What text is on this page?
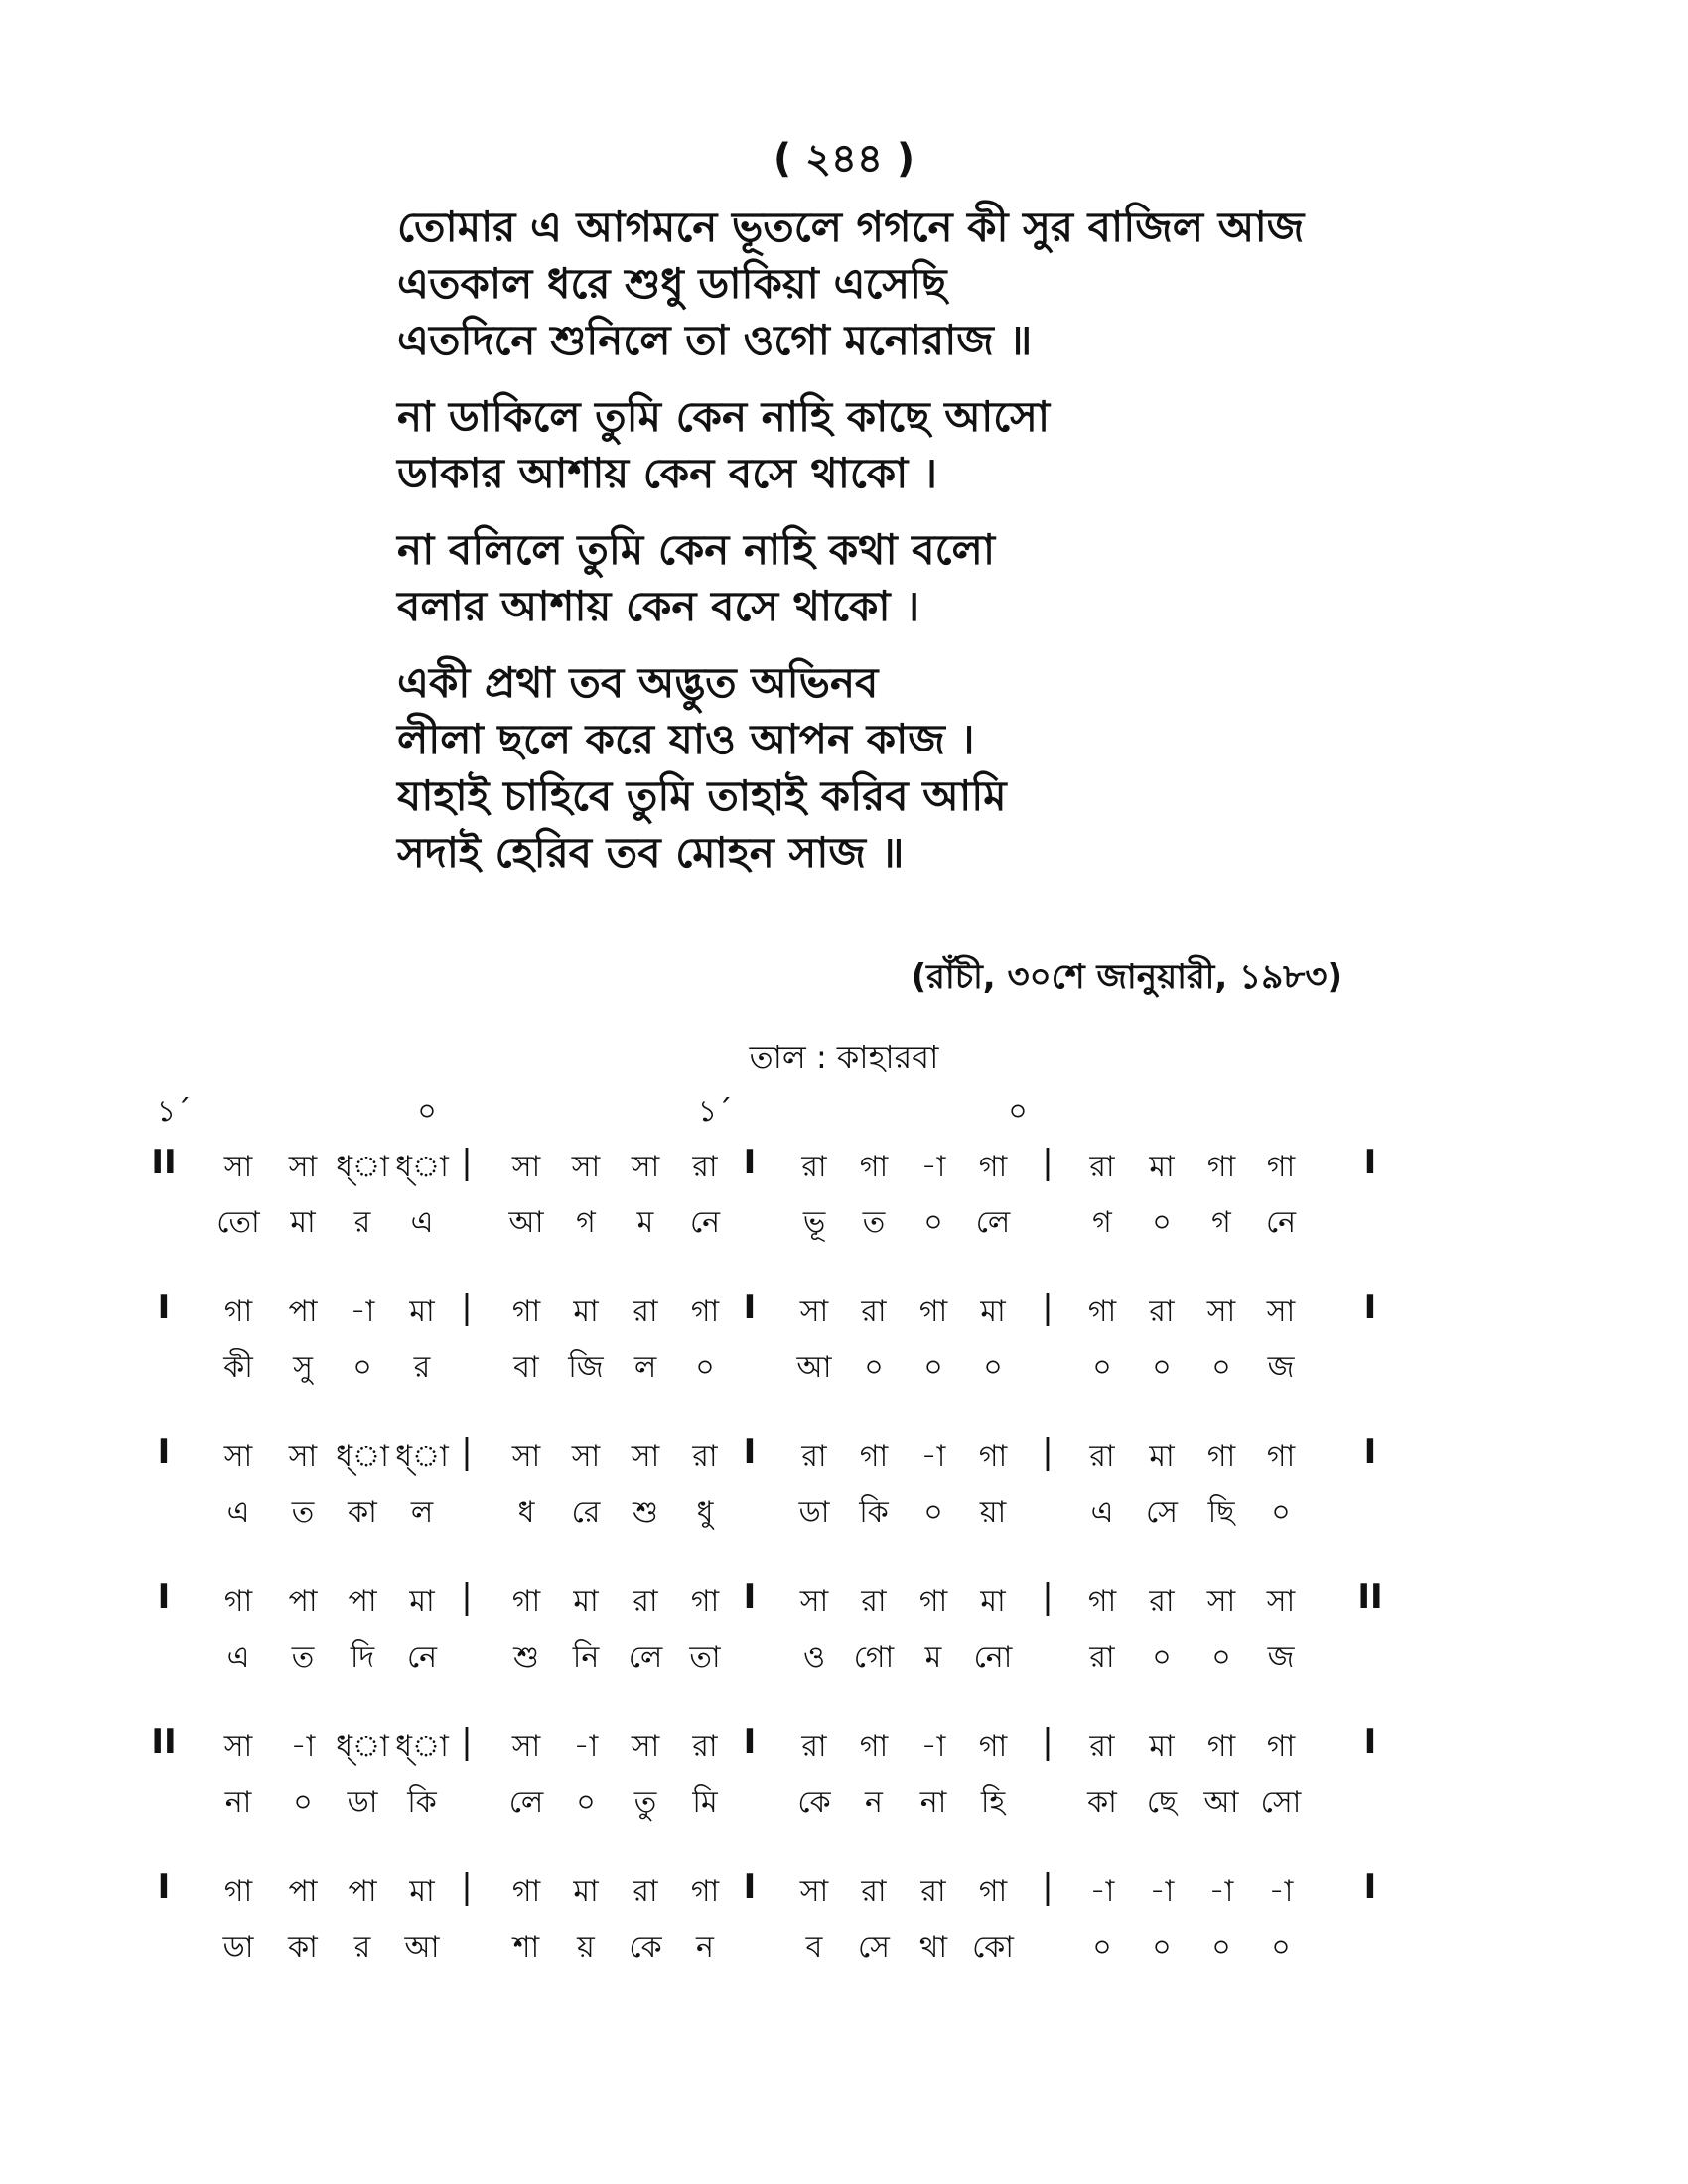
( ২৪৪ )
তোমার এ আগমনে ভূতলে গগনে কী সুর বাজিল আজ
এতকাল ধরে শুধু ডাকিয়া এসেছি
এতদিনে শুনিলে তা ওগো মনোরাজ ॥
না ডাকিলে তুমি কেন নাহি কাছে আসো
ডাকার আশায় কেন বসে থাকো ।
না বলিলে তুমি কেন নাহি কথা বলো
বলার আশায় কেন বসে থাকো ।
একী প্রথা তব অদ্ভুত অভিনব
লীলা ছলে করে যাও আপন কাজ ।
যাহাই চাহিবে তুমি তাহাই করিব আমি
সদাই হেরিব তব মোহন সাজ ॥
(রাঁচী, ৩০শে জানুয়ারী, ১৯৮৩)
তাল : কাহারবা
১´	০	১´	০
II সা সা ধ্া ধ্া | সা সা সা রা I রা গা -া গা | রা মা গা গা I
তো মা র এ	আ গ ম নে	ভূ ত ০ লে	গ ০ গ নে
I গা পা -া মা | গা মা রা গা I সা রা গা মা | গা রা সা সা I
কী সু ০ র	বা জি ল ০	আ ০ ০ ০	০ ০ ০ জ
I সা সা ধ্া ধ্া | সা সা সা রা I রা গা -া গা | রা মা গা গা I
এ ত কা ল	ধ রে শু ধু	ডা কি ০ য়া	এ সে ছি ০
I গা পা পা মা | গা মা রা গা I সা রা গা মা | গা রা সা সা II
এ ত দি নে	শু নি লে তা	ও গো ম নো	রা ০ ০ জ
II সা -া ধ্া ধ্া | সা -া সা রা I রা গা -া গা | রা মা গা গা I
না ০ ডা কি লে ০ তু মি	কে ন না হি	কা ছে আ সো
I গা পা পা মা | গা মা রা গা I সা রা রা গা | -া -া -া -া I
ডা কা র আ শা য় কে ন	ব সে থা কো	০ ০ ০ ০
